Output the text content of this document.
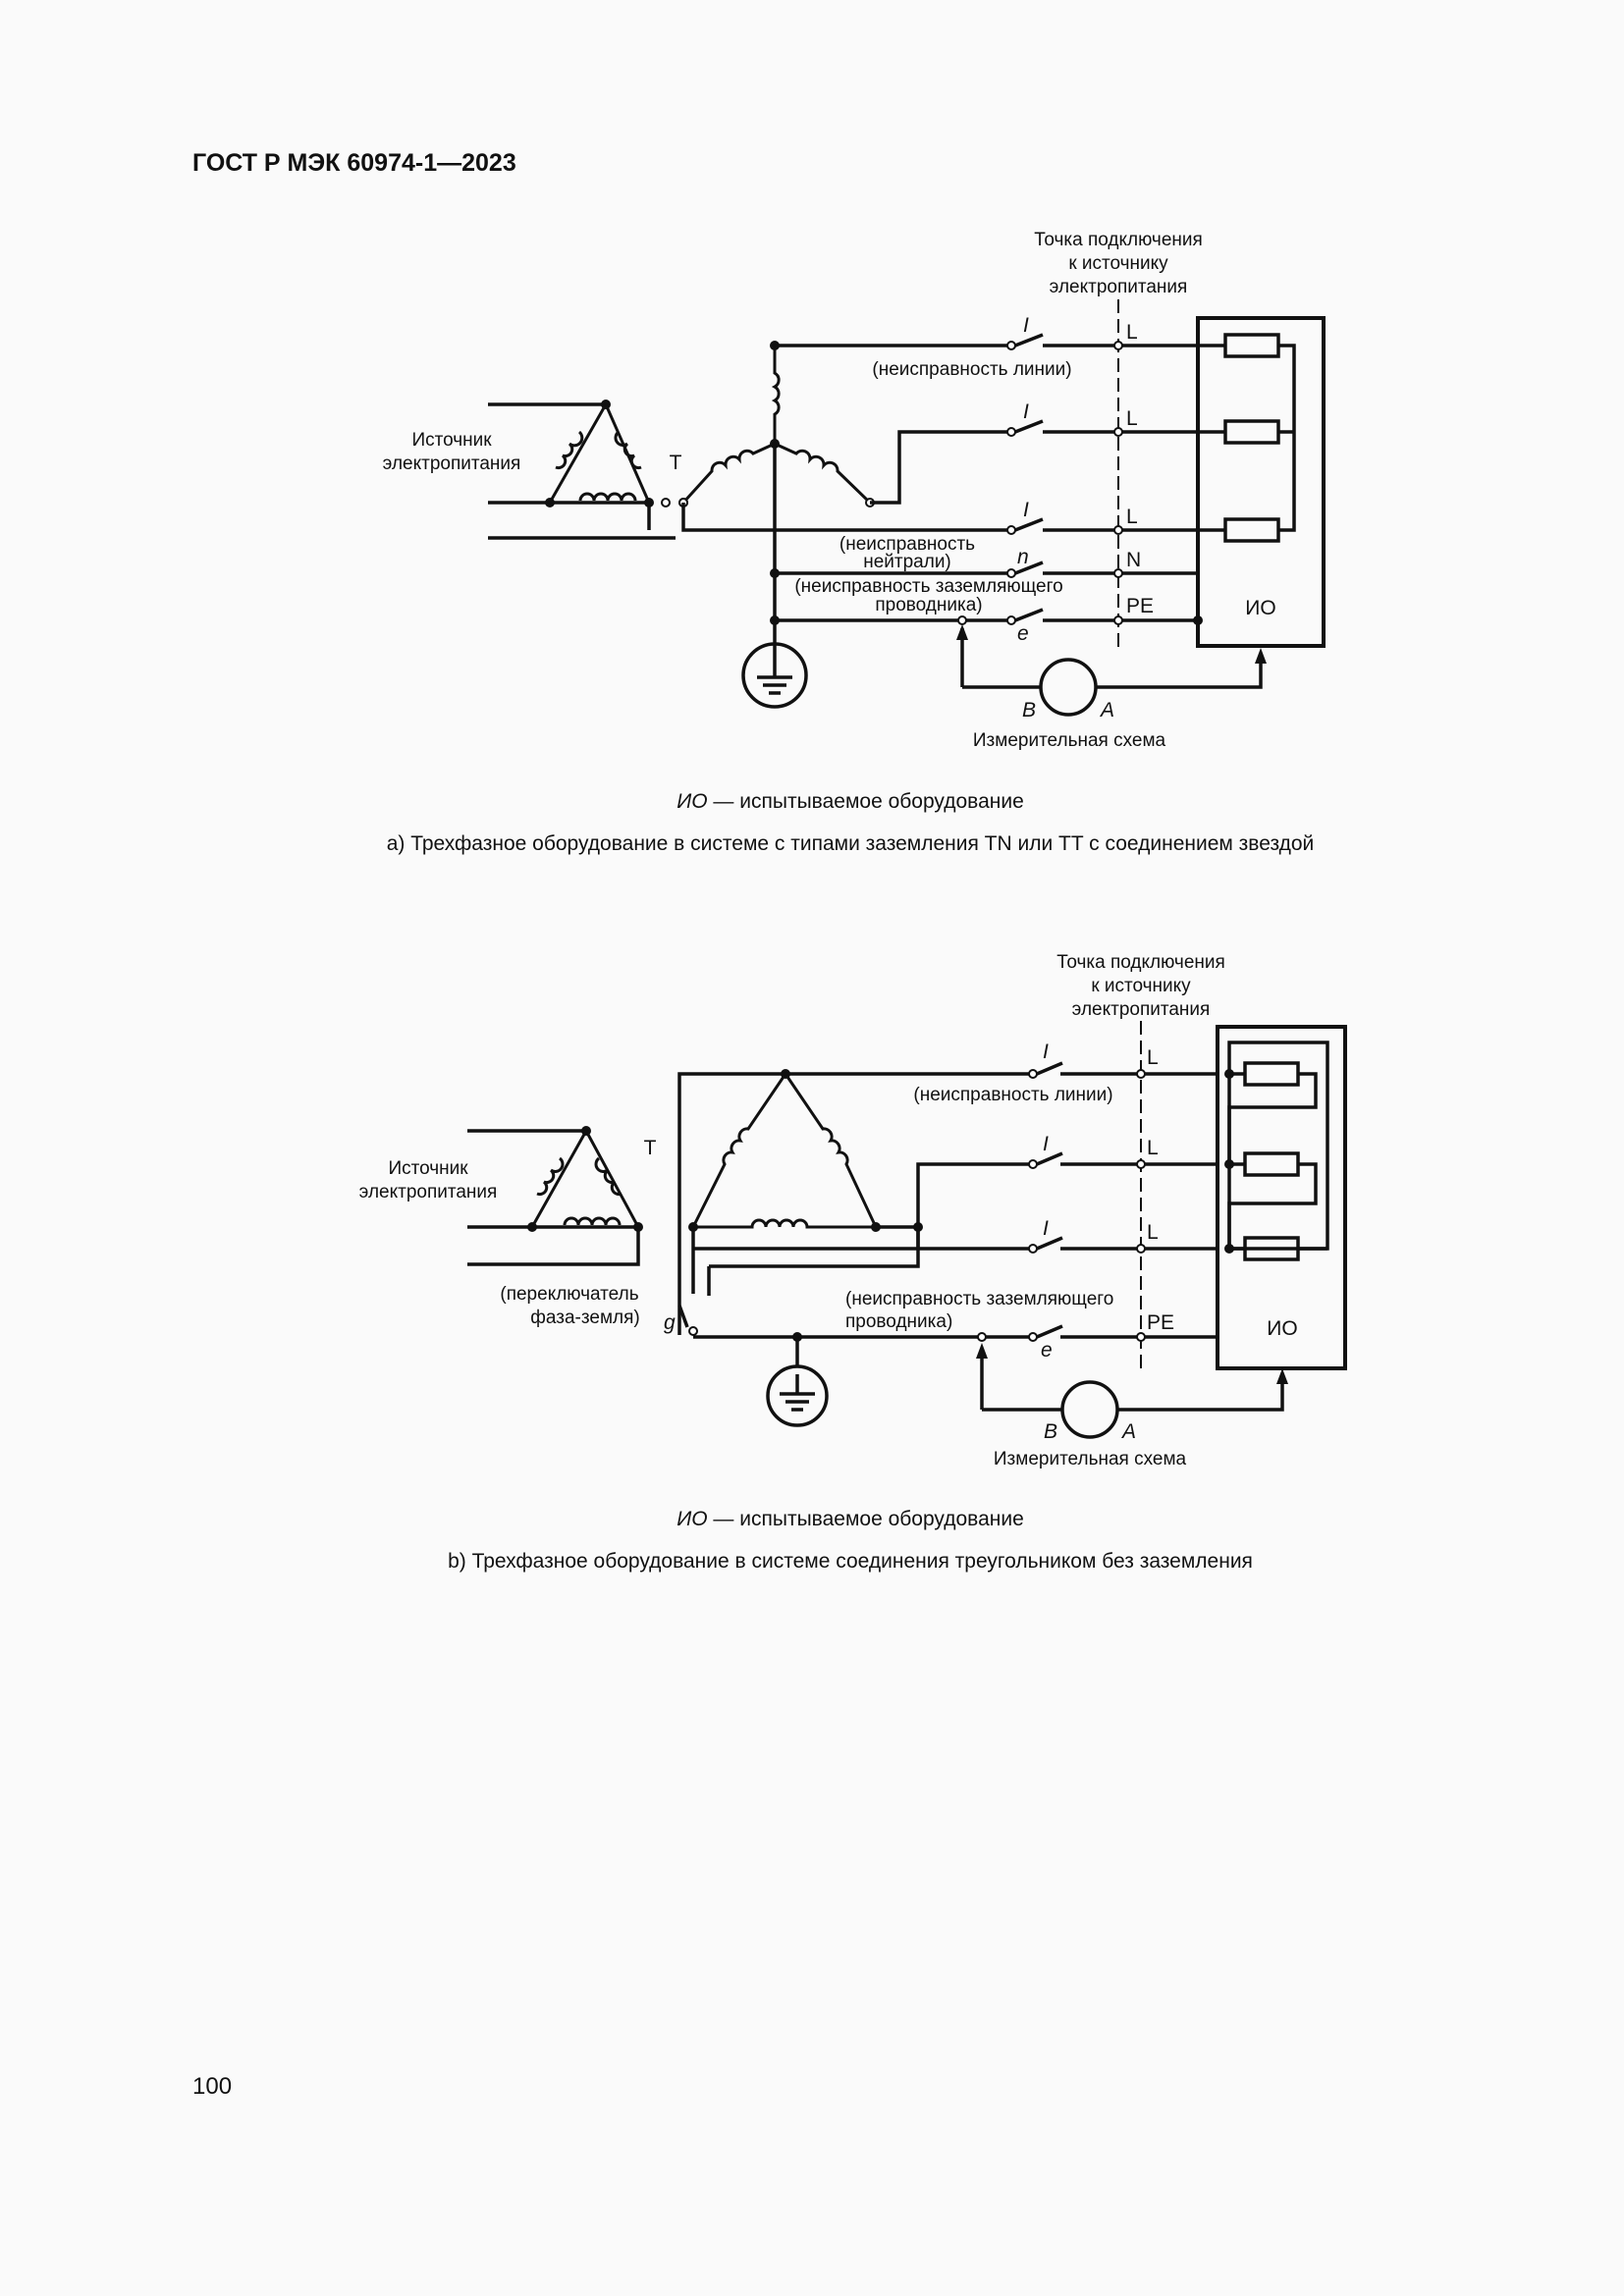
ГОСТ Р МЭК 60974-1—2023
Точка подключения
к источнику
электропитания
Источник
электропитания	T
I
I
I
n
e
(неисправность линии)
(неисправность
нейтрали)
(неисправность заземляющего
проводника)
L
L
L
N
PE	ИО
B	A
Измерительная схема
ИО — испытываемое оборудование
a) Трехфазное оборудование в системе с типами заземления TN или TT с соединением звездой
Точка подключения
к источнику
электропитания
Источник
электропитания
T
(переключатель
фаза-земля) g
I
I
I
e
(неисправность линии)
(неисправность заземляющего
проводника)
L
L
L
PE	ИО
B	A
Измерительная схема
ИО — испытываемое оборудование
b) Трехфазное оборудование в системе соединения треугольником без заземления
100
